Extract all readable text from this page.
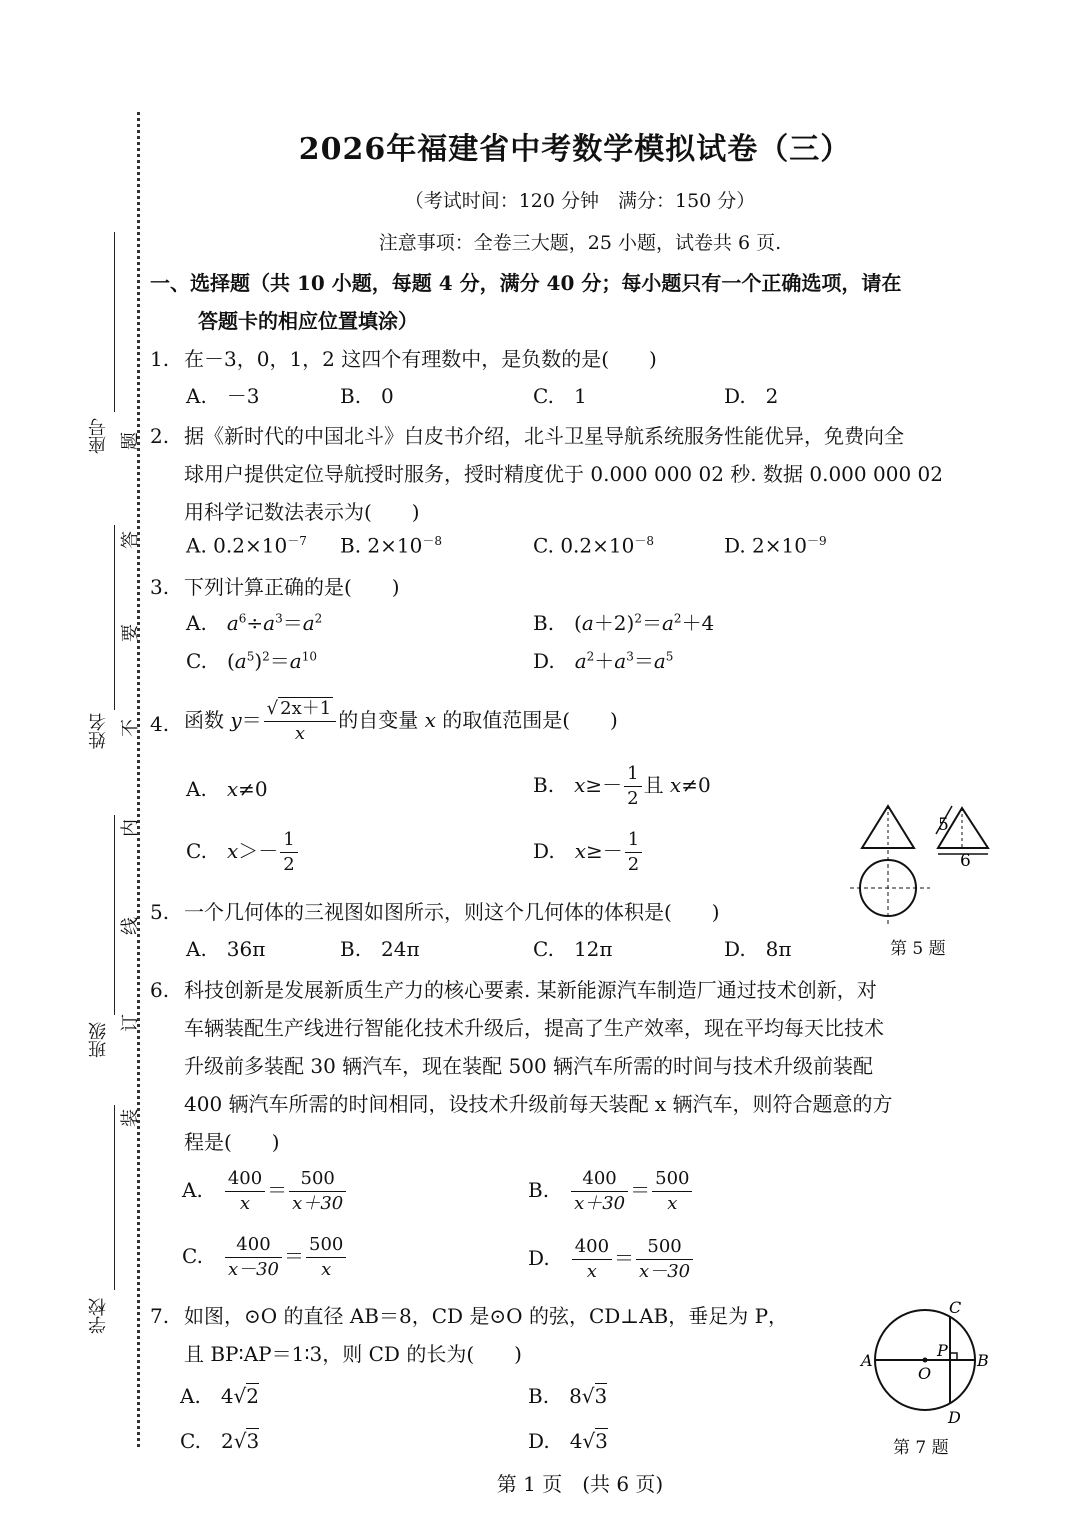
座号
姓名
班级
学校
题
答
要
不
内
线
订
装
2026年福建省中考数学模拟试卷（三）
（考试时间：120 分钟　满分：150 分）
注意事项：全卷三大题，25 小题，试卷共 6 页.
一、选择题（共 10 小题，每题 4 分，满分 40 分；每小题只有一个正确选项，请在
答题卡的相应位置填涂）
1. 在－3，0，1，2 这四个有理数中，是负数的是(　　)
A.　－3	B.　0	C.　1	D.　2
2. 据《新时代的中国北斗》白皮书介绍，北斗卫星导航系统服务性能优异，免费向全
球用户提供定位导航授时服务，授时精度优于 0.000 000 02 秒. 数据 0.000 000 02
用科学记数法表示为(　　)
A. $0.2\times 10^{-7}$ B. $2\times 10^{-8}$	C. $0.2\times 10^{-8}$	D. $2\times 10^{-9}$
3. 下列计算正确的是(　　)
A.　 $a^6\div a^3=a^2$	B.　$(a+2)^2=a^2+4$
C.　$(a^5)^2=a^{10}$	D.　 $a^2+a^3=a^5$
4. 函数 $y= \frac{√ 2x+1}{x}$ 的自变量 x 的取值范围是(　　)
A.　 x≠0	B.　 $x\ge- \frac{1}{2}$ 且 x≠0
C.　 $x>- \frac{1}{2}$	D.　 $x\ge- \frac{1}{2}$
5
6
第 5 题
5. 一个几何体的三视图如图所示，则这个几何体的体积是(　　)
A.　36π	B.　24π	C.　12π	D.　8π
6. 科技创新是发展新质生产力的核心要素. 某新能源汽车制造厂通过技术创新，对
车辆装配生产线进行智能化技术升级后，提高了生产效率，现在平均每天比技术
升级前多装配 30 辆汽车，现在装配 500 辆汽车所需的时间与技术升级前装配
400 辆汽车所需的时间相同，设技术升级前每天装配 x 辆汽车，则符合题意的方
程是(　　)
A.　 $\frac{400}{x} = \frac{500}{x+30}$	B.　 $\frac{400}{x+30} = \frac{500}{x}$
C.　 $\frac{400}{x-30} = \frac{500}{x}$	D.　 $\frac{400}{x} = \frac{500}{x-30}$
7. 如图，⊙O 的直径 AB＝8，CD 是⊙O 的弦，CD⊥AB，垂足为 P，
且 BP∶AP＝1∶3，则 CD 的长为(　　)
A.　 4√2	B.　 8√3
C.　 2√3	D.　 4√3
A	B
C
D
P
O
第 7 题
第 1 页　(共 6 页)
